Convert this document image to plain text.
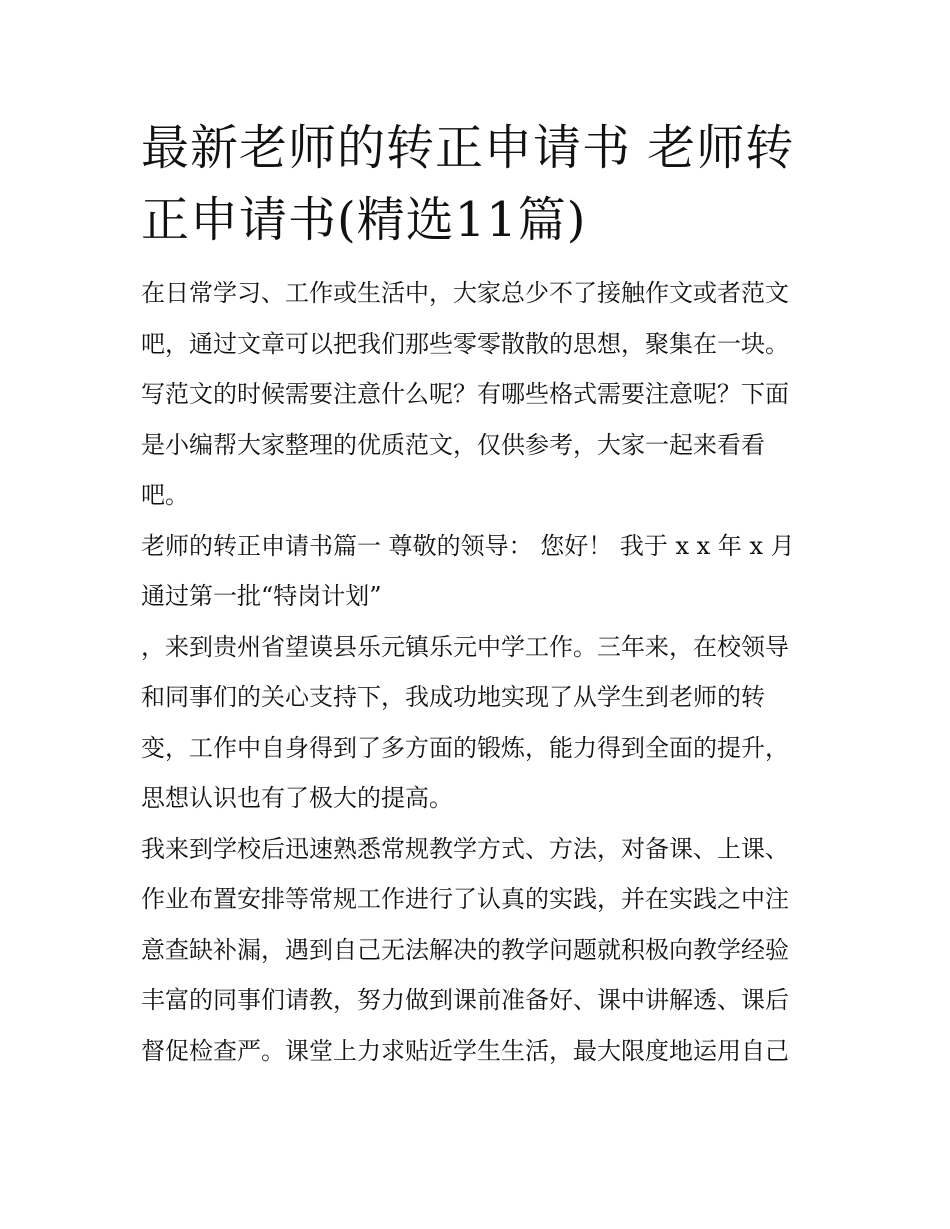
最新老师的转正申请书 老师转
正申请书(精选11篇)
在日常学习、工作或生活中，大家总少不了接触作文或者范文
吧，通过文章可以把我们那些零零散散的思想，聚集在一块。
写范文的时候需要注意什么呢？有哪些格式需要注意呢？下面
是小编帮大家整理的优质范文，仅供参考，大家一起来看看
吧。
老师的转正申请书篇一 尊敬的领导： 您好！ 我于 x x 年 x 月
通过第一批“特岗计划”
，来到贵州省望谟县乐元镇乐元中学工作。三年来，在校领导
和同事们的关心支持下，我成功地实现了从学生到老师的转
变，工作中自身得到了多方面的锻炼，能力得到全面的提升，
思想认识也有了极大的提高。
我来到学校后迅速熟悉常规教学方式、方法，对备课、上课、
作业布置安排等常规工作进行了认真的实践，并在实践之中注
意查缺补漏，遇到自己无法解决的教学问题就积极向教学经验
丰富的同事们请教，努力做到课前准备好、课中讲解透、课后
督促检查严。课堂上力求贴近学生生活，最大限度地运用自己
